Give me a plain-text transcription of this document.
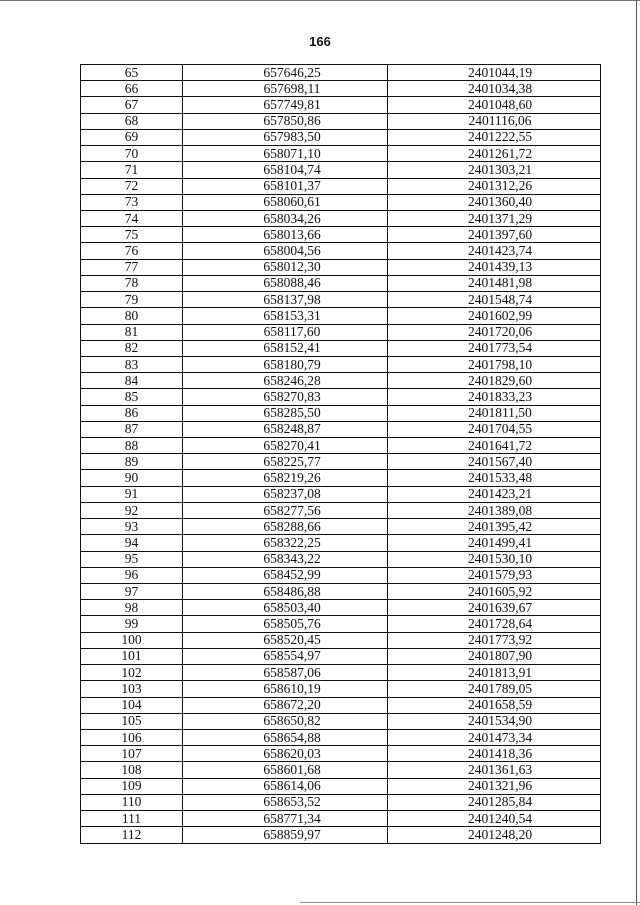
166
65	657646,25	2401044,19
66	657698,11	2401034,38
67	657749,81	2401048,60
68	657850,86	2401116,06
69	657983,50	2401222,55
70	658071,10	2401261,72
71	658104,74	2401303,21
72	658101,37	2401312,26
73	658060,61	2401360,40
74	658034,26	2401371,29
75	658013,66	2401397,60
76	658004,56	2401423,74
77	658012,30	2401439,13
78	658088,46	2401481,98
79	658137,98	2401548,74
80	658153,31	2401602,99
81	658117,60	2401720,06
82	658152,41	2401773,54
83	658180,79	2401798,10
84	658246,28	2401829,60
85	658270,83	2401833,23
86	658285,50	2401811,50
87	658248,87	2401704,55
88	658270,41	2401641,72
89	658225,77	2401567,40
90	658219,26	2401533,48
91	658237,08	2401423,21
92	658277,56	2401389,08
93	658288,66	2401395,42
94	658322,25	2401499,41
95	658343,22	2401530,10
96	658452,99	2401579,93
97	658486,88	2401605,92
98	658503,40	2401639,67
99	658505,76	2401728,64
100	658520,45	2401773,92
101	658554,97	2401807,90
102	658587,06	2401813,91
103	658610,19	2401789,05
104	658672,20	2401658,59
105	658650,82	2401534,90
106	658654,88	2401473,34
107	658620,03	2401418,36
108	658601,68	2401361,63
109	658614,06	2401321,96
110	658653,52	2401285,84
111	658771,34	2401240,54
112	658859,97	2401248,20
